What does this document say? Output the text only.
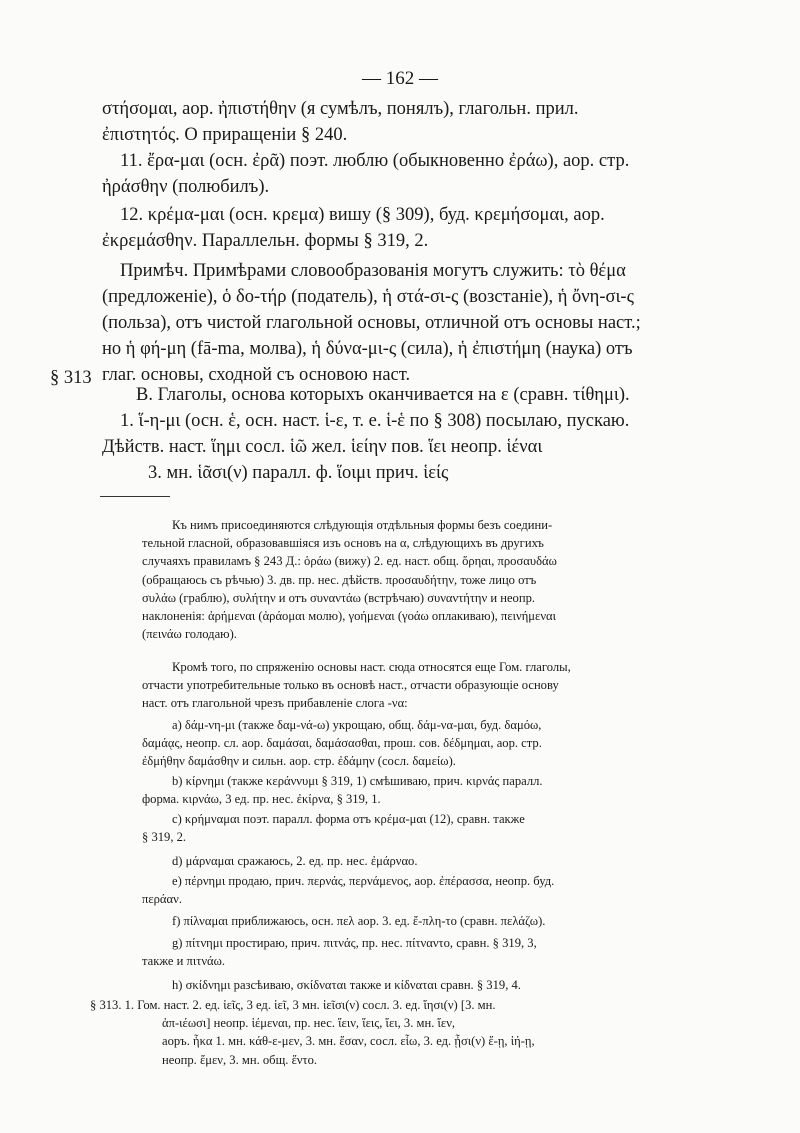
— 162 —
στήσομαι, аор. ἠπιστήθην (я сумѣлъ, понялъ), глагольн. прил.
ἐπιστητός. О приращеніи § 240.
11. ἔρα-μαι (осн. ἐρᾶ) поэт. люблю (обыкновенно ἐράω), аор. стр.
ἠράσθην (полюбилъ).
12. κρέμα-μαι (осн. κρεμα) вишу (§ 309), буд. κρεμήσομαι, аор.
ἐκρεμάσθην. Параллельн. формы § 319, 2.
Примѣч. Примѣрами словообразованія могутъ служить: τὸ θέμα
(предложеніе), ὁ δο-τήρ (податель), ἡ στά-σι-ς (возстаніе), ἡ ὄνη-σι-ς
(польза), отъ чистой глагольной основы, отличной отъ основы наст.;
но ἡ φή-μη (fā-ma, молва), ἡ δύνα-μι-ς (сила), ἡ ἐπιστήμη (наука) отъ
глаг. основы, сходной съ основою наст.
§ 313
В. Глаголы, основа которыхъ оканчивается на ε (сравн. τίθημι).
1. ἵ-η-μι (осн. ἑ, осн. наст. ἱ-ε, т. е. ἱ-ἑ по § 308) посылаю, пускаю.
Дѣйств. наст. ἵημι сосл. ἱῶ жел. ἱείην пов. ἵει неопр. ἱέναι
3. мн. ἱᾶσι(ν) паралл. ф. ἵοιμι прич. ἱείς
Къ нимъ присоединяются слѣдующія отдѣльныя формы безъ соедини-
тельной гласной, образовавшіяся изъ основъ на α, слѣдующихъ въ другихъ
случаяхъ правиламъ § 243 Д.: ὁράω (вижу) 2. ед. наст. общ. ὅρηαι, προσαυδάω
(обращаюсь съ рѣчью) 3. дв. пр. нес. дѣйств. προσαυδήτην, тоже лицо отъ
συλάω (граблю), συλήτην и отъ συναντάω (встрѣчаю) συναντήτην и неопр.
наклоненія: ἀρήμεναι (ἀράομαι молю), γοήμεναι (γοάω оплакиваю), πεινήμεναι
(πεινάω голодаю).
Кромѣ того, по спряженію основы наст. сюда относятся еще Гом. глаголы,
отчасти употребительные только въ основѣ наст., отчасти образующіе основу
наст. отъ глагольной чрезъ прибавленіе слога -να:
a) δάμ-νη-μι (также δαμ-νά-ω) укрощаю, общ. δάμ-να-μαι, буд. δαμόω,
δαμάᾳς, неопр. сл. аор. δαμάσαι, δαμάσασθαι, прош. сов. δέδμημαι, аор. стр.
ἐδμήθην δαμάσθην и сильн. аор. стр. ἐδάμην (сосл. δαμείω).
b) κίρνημι (также κεράννυμι § 319, 1) смѣшиваю, прич. κιρνάς паралл.
форма. κιρνάω, 3 ед. пр. нес. ἐκίρνα, § 319, 1.
c) κρήμναμαι поэт. паралл. форма отъ κρέμα-μαι (12), сравн. также
§ 319, 2.
d) μάρναμαι сражаюсь, 2. ед. пр. нес. ἐμάρναο.
e) πέρνημι продаю, прич. περνάς, περνάμενος, аор. ἐπέρασσα, неопр. буд.
περάαν.
f) πίλναμαι приближаюсь, осн. πελ аор. 3. ед. ἔ-πλη-το (сравн. πελάζω).
g) πίτνημι простираю, прич. πιτνάς, пр. нес. πίτναντο, сравн. § 319, 3,
также и πιτνάω.
h) σκίδνημι разсѣиваю, σκίδναται также и κίδναται сравн. § 319, 4.
§ 313. 1. Гом. наст. 2. ед. ἱεῖς, 3 ед. ἱεῖ, 3 мн. ἱεῖσι(ν) сосл. 3. ед. ἵησι(ν) [3. мн.
ἀπ-ιέωσι] неопр. ἱέμεναι, пр. нес. ἵειν, ἵεις, ἵει, 3. мн. ἵεν,
аоръ. ἧκα 1. мн. κάθ-ε-μεν, 3. мн. ἕσαν, сосл. εἷω, 3. ед. ᾖσι(ν) ἕ-ῃ, ἱή-ῃ,
неопр. ἕμεν, 3. мн. общ. ἕντο.
